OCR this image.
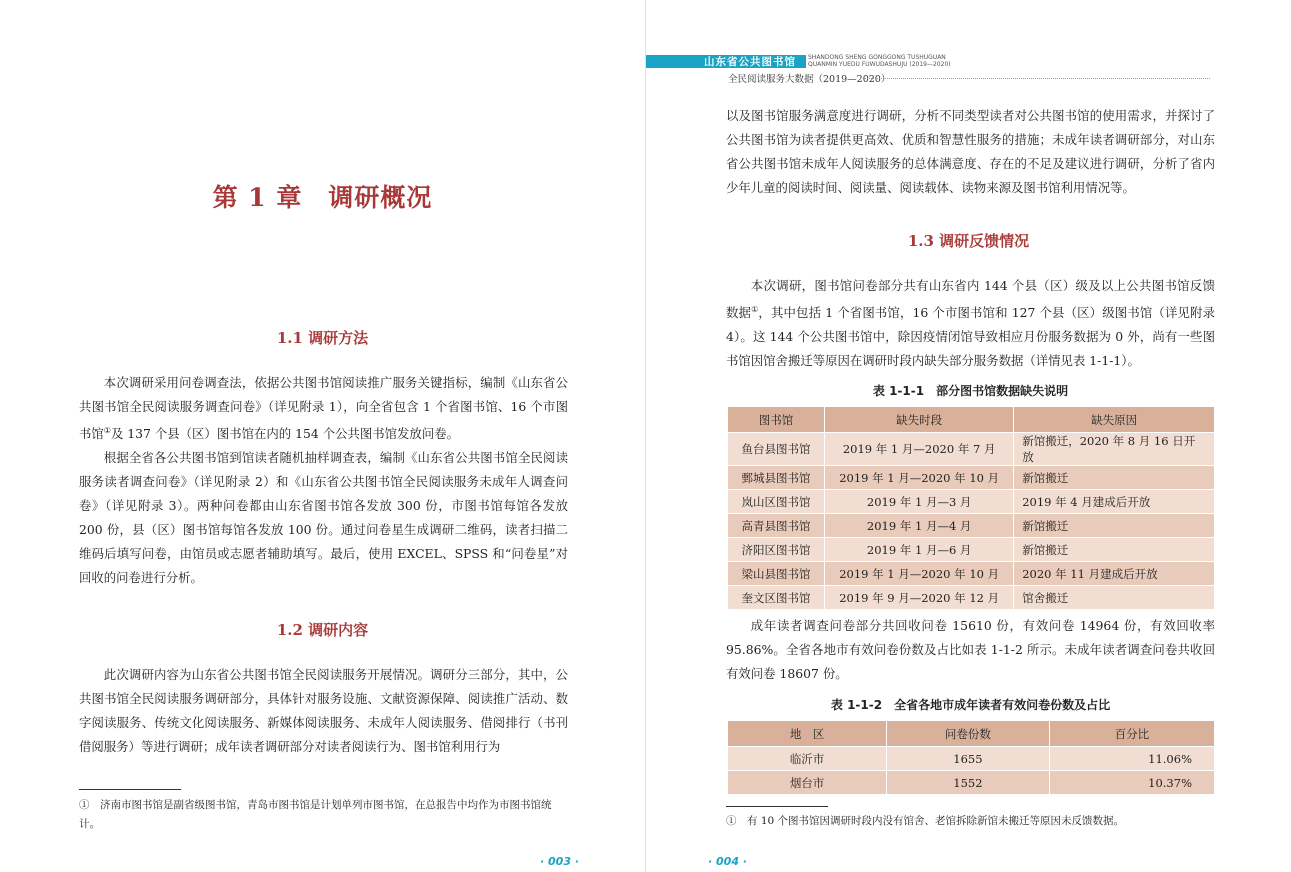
第 1 章　调研概况
1.1 调研方法

本次调研采用问卷调查法，依据公共图书馆阅读推广服务关键指标，编制《山东省公共图书馆全民阅读服务调查问卷》（详见附录 1），向全省包含 1 个省图书馆、16 个市图书馆①及 137 个县（区）图书馆在内的 154 个公共图书馆发放问卷。

根据全省各公共图书馆到馆读者随机抽样调查表，编制《山东省公共图书馆全民阅读服务读者调查问卷》（详见附录 2）和《山东省公共图书馆全民阅读服务未成年人调查问卷》（详见附录 3）。两种问卷都由山东省图书馆各发放 300 份，市图书馆每馆各发放 200 份，县（区）图书馆每馆各发放 100 份。通过问卷星生成调研二维码，读者扫描二维码后填写问卷，由馆员或志愿者辅助填写。最后，使用 EXCEL、SPSS 和“问卷星”对回收的问卷进行分析。

1.2 调研内容

此次调研内容为山东省公共图书馆全民阅读服务开展情况。调研分三部分，其中，公共图书馆全民阅读服务调研部分，具体针对服务设施、文献资源保障、阅读推广活动、数字阅读服务、传统文化阅读服务、新媒体阅读服务、未成年人阅读服务、借阅排行（书刊借阅服务）等进行调研；成年读者调研部分对读者阅读行为、图书馆利用行为

①　济南市图书馆是副省级图书馆，青岛市图书馆是计划单列市图书馆，在总报告中均作为市图书馆统计。
· 003 ·
山东省公共图书馆 SHANDONG SHENG GONGGONG TUSHUGUAN
QUANMIN YUEDU FUWUDASHUJU (2019—2020)
全民阅读服务大数据（2019—2020）

以及图书馆服务满意度进行调研，分析不同类型读者对公共图书馆的使用需求，并探讨了公共图书馆为读者提供更高效、优质和智慧性服务的措施；未成年读者调研部分，对山东省公共图书馆未成年人阅读服务的总体满意度、存在的不足及建议进行调研，分析了省内少年儿童的阅读时间、阅读量、阅读载体、读物来源及图书馆利用情况等。

1.3 调研反馈情况

本次调研，图书馆问卷部分共有山东省内 144 个县（区）级及以上公共图书馆反馈数据①，其中包括 1 个省图书馆，16 个市图书馆和 127 个县（区）级图书馆（详见附录 4）。这 144 个公共图书馆中，除因疫情闭馆导致相应月份服务数据为 0 外，尚有一些图书馆因馆舍搬迁等原因在调研时段内缺失部分服务数据（详情见表 1-1-1）。

表 1-1-1　部分图书馆数据缺失说明
图书馆	缺失时段	缺失原因
鱼台县图书馆	2019 年 1 月—2020 年 7 月	新馆搬迁，2020 年 8 月 16 日开放
鄄城县图书馆	2019 年 1 月—2020 年 10 月	新馆搬迁
岚山区图书馆	2019 年 1 月—3 月	2019 年 4 月建成后开放
高青县图书馆	2019 年 1 月—4 月	新馆搬迁
济阳区图书馆	2019 年 1 月—6 月	新馆搬迁
梁山县图书馆	2019 年 1 月—2020 年 10 月	2020 年 11 月建成后开放
奎文区图书馆	2019 年 9 月—2020 年 12 月	馆舍搬迁

成年读者调查问卷部分共回收问卷 15610 份，有效问卷 14964 份，有效回收率 95.86%。全省各地市有效问卷份数及占比如表 1-1-2 所示。未成年读者调查问卷共收回有效问卷 18607 份。

表 1-1-2　全省各地市成年读者有效问卷份数及占比
地　区	问卷份数	百分比
临沂市	1655	11.06%
烟台市	1552	10.37%
①　有 10 个图书馆因调研时段内没有馆舍、老馆拆除新馆未搬迁等原因未反馈数据。
· 004 ·
